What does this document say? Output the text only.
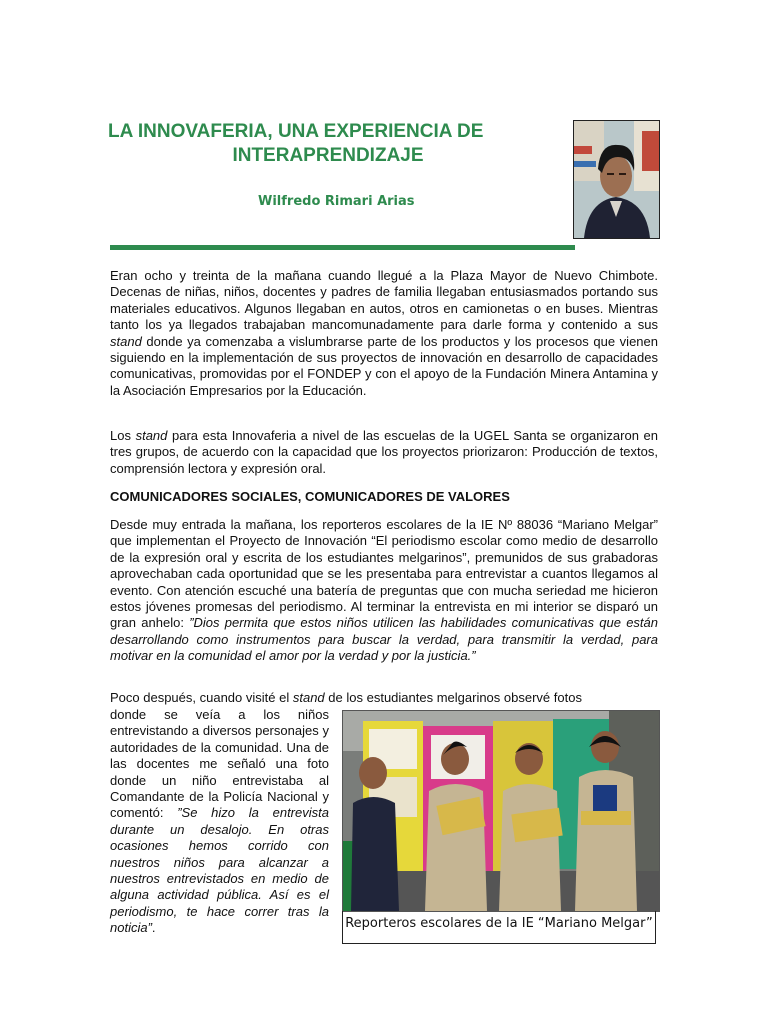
LA INNOVAFERIA, UNA EXPERIENCIA DE
INTERAPRENDIZAJE
Wilfredo Rimari Arias
Eran ocho y treinta de la mañana cuando llegué a la Plaza Mayor de Nuevo Chimbote. Decenas de niñas, niños, docentes y padres de familia llegaban entusiasmados portando sus materiales educativos. Algunos llegaban en autos, otros en camionetas o en buses. Mientras tanto los ya llegados trabajaban mancomunadamente para darle forma y contenido a sus stand donde ya comenzaba a vislumbrarse parte de los productos y los procesos que vienen siguiendo en la implementación de sus proyectos de innovación en desarrollo de capacidades comunicativas, promovidas por el FONDEP y con el apoyo de la Fundación Minera Antamina y la Asociación Empresarios por la Educación.
Los stand para esta Innovaferia a nivel de las escuelas de la UGEL Santa se organizaron en tres grupos, de acuerdo con la capacidad que los proyectos priorizaron: Producción de textos, comprensión lectora y expresión oral.
COMUNICADORES SOCIALES, COMUNICADORES DE VALORES
Desde muy entrada la mañana, los reporteros escolares de la IE Nº 88036 “Mariano Melgar” que implementan el Proyecto de Innovación “El periodismo escolar como medio de desarrollo de la expresión oral y escrita de los estudiantes melgarinos”, premunidos de sus grabadoras aprovechaban cada oportunidad que se les presentaba para entrevistar a cuantos llegamos al evento. Con atención escuché una batería de preguntas que con mucha seriedad me hicieron estos jóvenes promesas del periodismo. Al terminar la entrevista en mi interior se disparó un gran anhelo: ”Dios permita que estos niños utilicen las habilidades comunicativas que están desarrollando como instrumentos para buscar la verdad, para transmitir la verdad, para motivar en la comunidad el amor por la verdad y por la justicia.”
Poco después, cuando visité el stand de los estudiantes melgarinos observé fotos
donde se veía a los niños entrevistando a diversos personajes y autoridades de la comunidad. Una de las docentes me señaló una foto donde un niño entrevistaba al Comandante de la Policía Nacional y comentó: ”Se hizo la entrevista durante un desalojo. En otras ocasiones hemos corrido con nuestros niños para alcanzar a nuestros entrevistados en medio de alguna actividad pública. Así es el periodismo, te hace correr tras la noticia”.	Reporteros escolares de la IE “Mariano Melgar”
